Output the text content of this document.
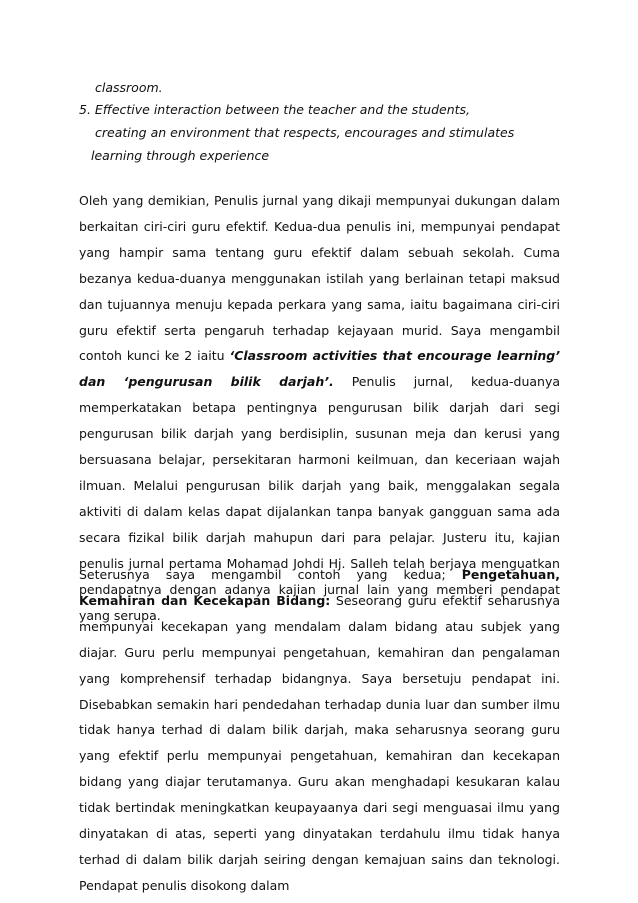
classroom.
5. Effective interaction between the teacher and the students,
creating an environment that respects, encourages and stimulates
learning through experience

Oleh yang demikian, Penulis jurnal yang dikaji mempunyai dukungan dalam berkaitan ciri-ciri guru efektif. Kedua-dua penulis ini, mempunyai pendapat yang hampir sama tentang guru efektif dalam sebuah sekolah. Cuma bezanya kedua-duanya menggunakan istilah yang berlainan tetapi maksud dan tujuannya menuju kepada perkara yang sama, iaitu bagaimana ciri-ciri guru efektif serta pengaruh terhadap kejayaan murid. Saya mengambil contoh kunci ke 2 iaitu ‘Classroom activities that encourage learning’ dan ‘pengurusan bilik darjah’. Penulis jurnal, kedua-duanya memperkatakan betapa pentingnya pengurusan bilik darjah dari segi pengurusan bilik darjah yang berdisiplin, susunan meja dan kerusi yang bersuasana belajar, persekitaran harmoni keilmuan, dan keceriaan wajah ilmuan. Melalui pengurusan bilik darjah yang baik, menggalakan segala aktiviti di dalam kelas dapat dijalankan tanpa banyak gangguan sama ada secara fizikal bilik darjah mahupun dari para pelajar. Justeru itu, kajian penulis jurnal pertama Mohamad Johdi Hj. Salleh telah berjaya menguatkan pendapatnya dengan adanya kajian jurnal lain yang memberi pendapat yang serupa.

Seterusnya saya mengambil contoh yang kedua; Pengetahuan, Kemahiran dan Kecekapan Bidang: Seseorang guru efektif seharusnya mempunyai kecekapan yang mendalam dalam bidang atau subjek yang diajar. Guru perlu mempunyai pengetahuan, kemahiran dan pengalaman yang komprehensif terhadap bidangnya. Saya bersetuju pendapat ini. Disebabkan semakin hari pendedahan terhadap dunia luar dan sumber ilmu tidak hanya terhad di dalam bilik darjah, maka seharusnya seorang guru yang efektif perlu mempunyai pengetahuan, kemahiran dan kecekapan bidang yang diajar terutamanya. Guru akan menghadapi kesukaran kalau tidak bertindak meningkatkan keupayaanya dari segi menguasai ilmu yang dinyatakan di atas, seperti yang dinyatakan terdahulu ilmu tidak hanya terhad di dalam bilik darjah seiring dengan kemajuan sains dan teknologi. Pendapat penulis disokong dalam
